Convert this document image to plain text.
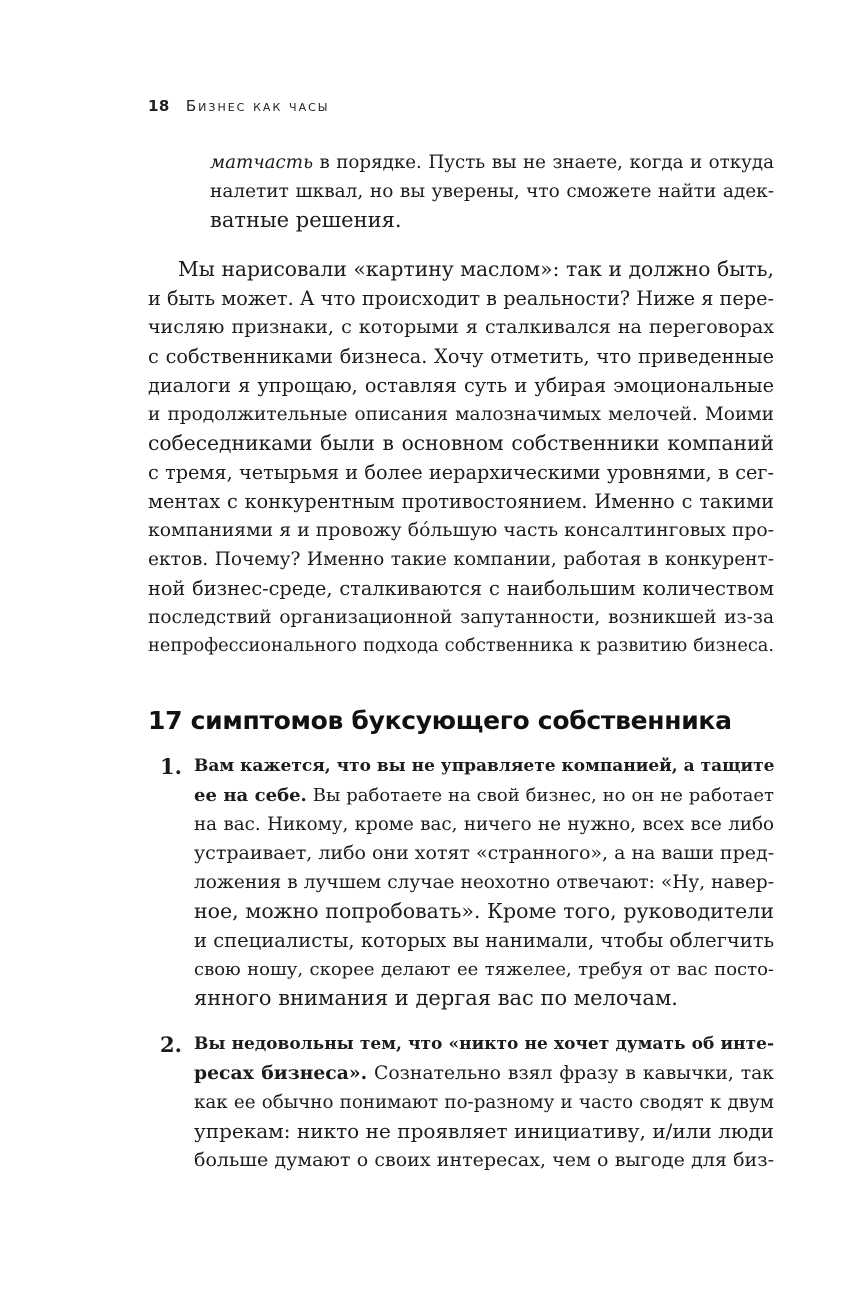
18 Бизнес как часы
матчасть в порядке. Пусть вы не знаете, когда и откуда
налетит шквал, но вы уверены, что сможете найти адек-
ватные решения.
Мы нарисовали «картину маслом»: так и должно быть,
и быть может. А что происходит в реальности? Ниже я пере-
числяю признаки, с которыми я сталкивался на переговорах
с собственниками бизнеса. Хочу отметить, что приведенные
диалоги я упрощаю, оставляя суть и убирая эмоциональные
и продолжительные описания малозначимых мелочей. Моими
собеседниками были в основном собственники компаний
с тремя, четырьмя и более иерархическими уровнями, в сег-
ментах с конкурентным противостоянием. Именно с такими
компаниями я и провожу бóльшую часть консалтинговых про-
ектов. Почему? Именно такие компании, работая в конкурент-
ной бизнес-среде, сталкиваются с наибольшим количеством
последствий организационной запутанности, возникшей из-за
непрофессионального подхода собственника к развитию бизнеса.
17 симптомов буксующего собственника
1. Вам кажется, что вы не управляете компанией, а тащите
ее на себе. Вы работаете на свой бизнес, но он не работает
на вас. Никому, кроме вас, ничего не нужно, всех все либо
устраивает, либо они хотят «странного», а на ваши пред-
ложения в лучшем случае неохотно отвечают: «Ну, навер-
ное, можно попробовать». Кроме того, руководители
и специалисты, которых вы нанимали, чтобы облегчить
свою ношу, скорее делают ее тяжелее, требуя от вас посто-
янного внимания и дергая вас по мелочам.
2. Вы недовольны тем, что «никто не хочет думать об инте-
ресах бизнеса». Сознательно взял фразу в кавычки, так
как ее обычно понимают по-разному и часто сводят к двум
упрекам: никто не проявляет инициативу, и/или люди
больше думают о своих интересах, чем о выгоде для биз-
